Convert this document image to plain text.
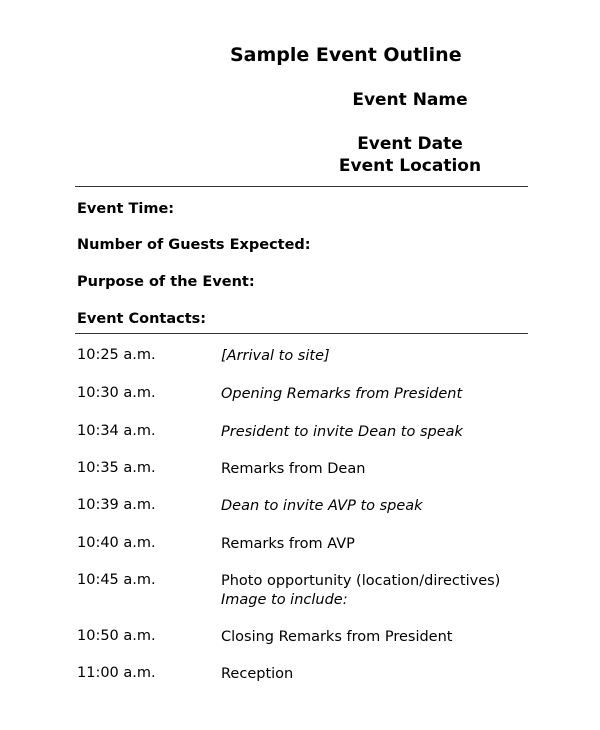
Sample Event Outline
Event Name
Event Date
Event Location
Event Time:
Number of Guests Expected:
Purpose of the Event:
Event Contacts:
10:25 a.m.	[Arrival to site]
10:30 a.m.	Opening Remarks from President
10:34 a.m.	President to invite Dean to speak
10:35 a.m.	Remarks from Dean
10:39 a.m.	Dean to invite AVP to speak
10:40 a.m.	Remarks from AVP
10:45 a.m.	Photo opportunity (location/directives)
Image to include:
10:50 a.m.	Closing Remarks from President
11:00 a.m.	Reception
